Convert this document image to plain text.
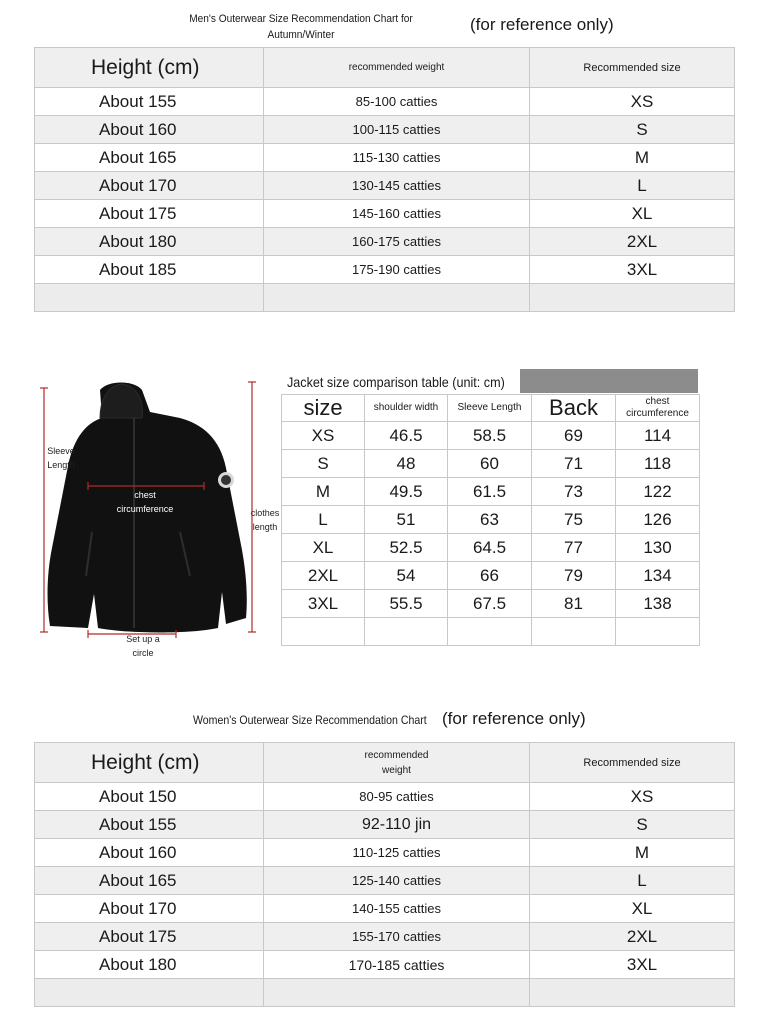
Men's Outerwear Size Recommendation Chart for
Autumn/Winter
(for reference only)
Height (cm)	recommended weight	Recommended size
About 155	85-100 catties	XS
About 160	100-115 catties	S
About 165	115-130 catties	M
About 170	130-145 catties	L
About 175	145-160 catties	XL
About 180	160-175 catties	2XL
About 185	175-190 catties	3XL

Sleeve Length
chest circumference	clothes length
Set up a circle
Jacket size comparison table (unit: cm)
size	shoulder width	Sleeve Length	Back	chest circumference
XS	46.5	58.5	69	114
S	48	60	71	118
M	49.5	61.5	73	122
L	51	63	75	126
XL	52.5	64.5	77	130
2XL	54	66	79	134
3XL	55.5	67.5	81	138

Women's Outerwear Size Recommendation Chart (for reference only)
Height (cm)	recommended weight	Recommended size
About 150	80-95 catties	XS
About 155	92-110 jin	S
About 160	110-125 catties	M
About 165	125-140 catties	L
About 170	140-155 catties	XL
About 175	155-170 catties	2XL
About 180	170-185 catties	3XL
